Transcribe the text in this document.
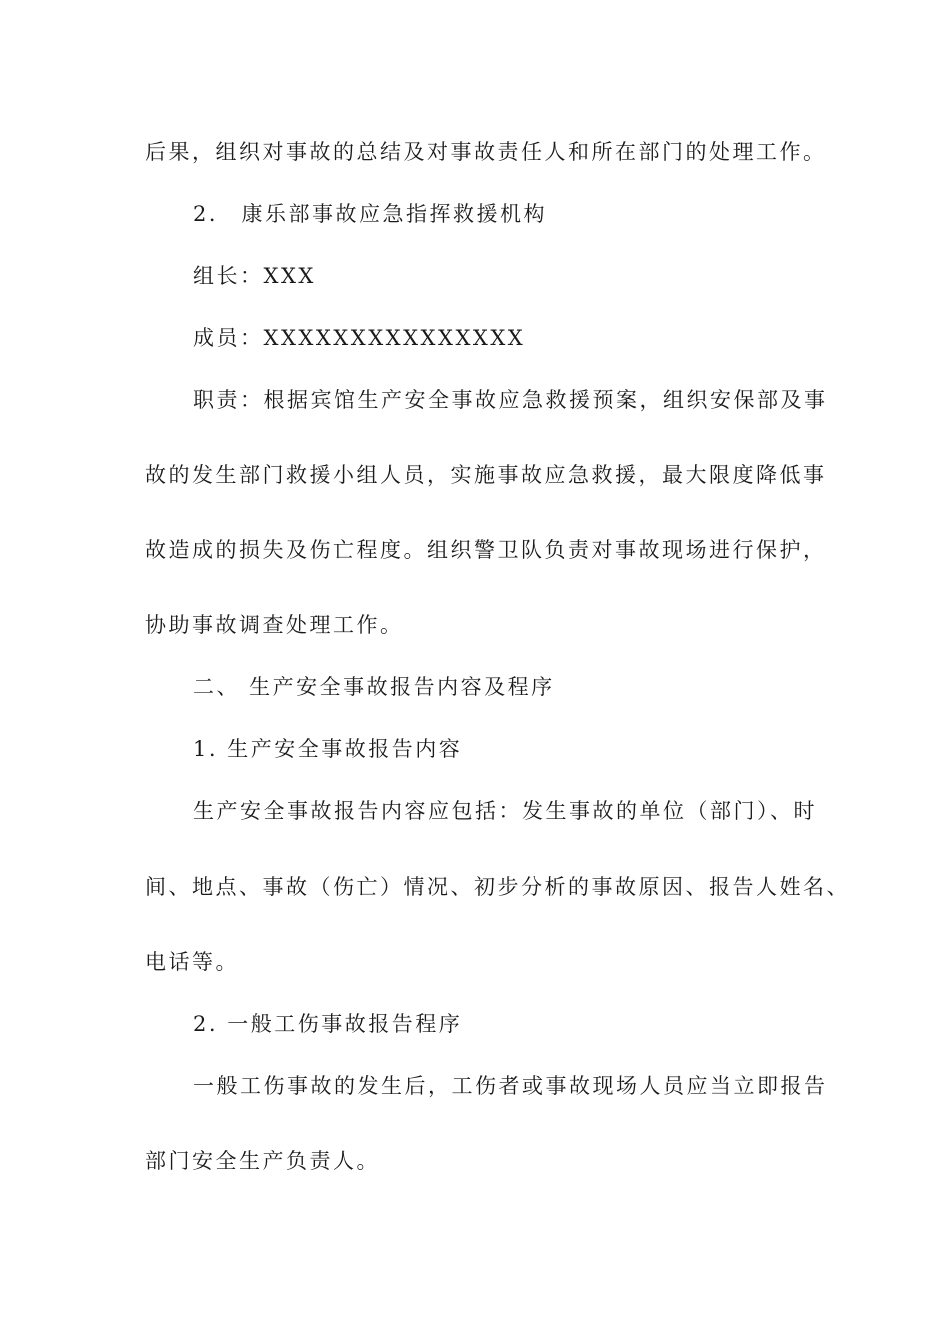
后果，组织对事故的总结及对事故责任人和所在部门的处理工作。
2． 康乐部事故应急指挥救援机构
组长：XXX
成员：XXXXXXXXXXXXXXX
职责：根据宾馆生产安全事故应急救援预案，组织安保部及事
故的发生部门救援小组人员，实施事故应急救援，最大限度降低事
故造成的损失及伤亡程度。组织警卫队负责对事故现场进行保护，
协助事故调查处理工作。
二、 生产安全事故报告内容及程序
1. 生产安全事故报告内容
生产安全事故报告内容应包括：发生事故的单位（部门）、时
间、地点、事故（伤亡）情况、初步分析的事故原因、报告人姓名、
电话等。
2. 一般工伤事故报告程序
一般工伤事故的发生后，工伤者或事故现场人员应当立即报告
部门安全生产负责人。
